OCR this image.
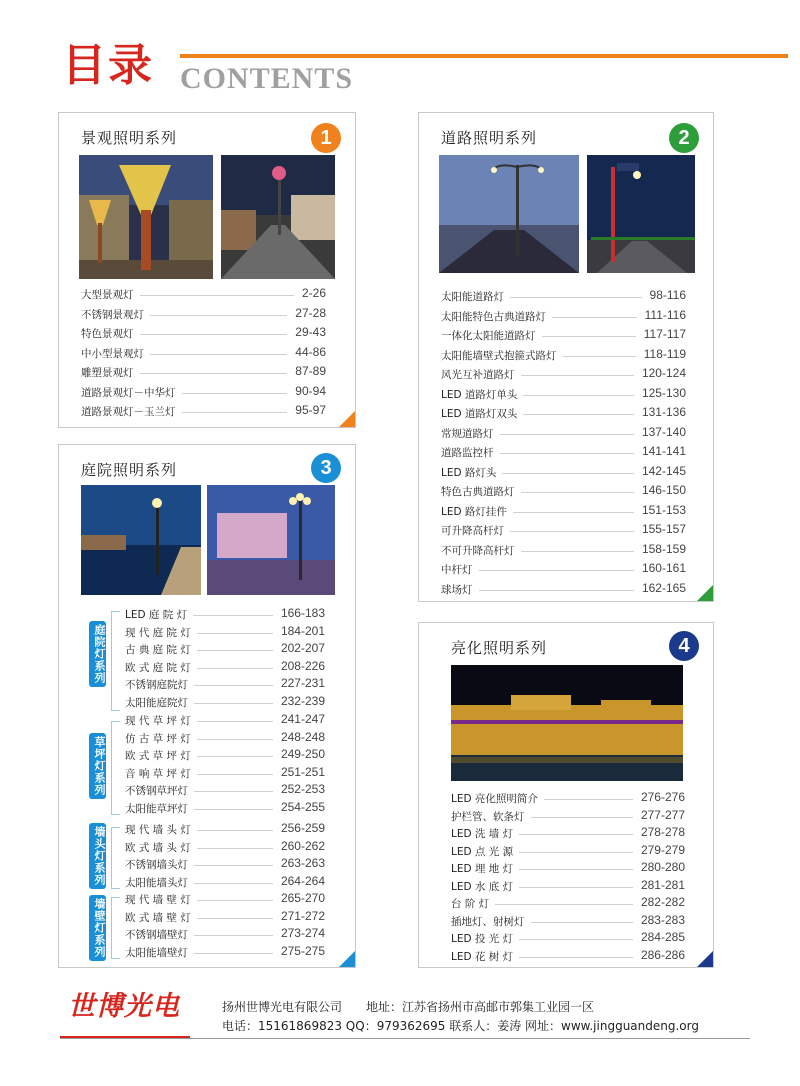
目录 CONTENTS
景观照明系列	1
大型景观灯	2-26
不锈钢景观灯	27-28
特色景观灯	29-43
中小型景观灯	44-86
雕塑景观灯	87-89
道路景观灯－中华灯	90-94
道路景观灯－玉兰灯	95-97
道路照明系列	2
太阳能道路灯	98-116
太阳能特色古典道路灯	111-116
一体化太阳能道路灯	117-117
太阳能墙壁式抱箍式路灯	118-119
风光互补道路灯	120-124
LED 道路灯单头	125-130
LED 道路灯双头	131-136
常规道路灯	137-140
道路监控杆	141-141
LED 路灯头	142-145
特色古典道路灯	146-150
LED 路灯挂件	151-153
可升降高杆灯	155-157
不可升降高杆灯	158-159
中杆灯	160-161
球场灯	162-165
庭院照明系列	3
庭院灯系列
LED 庭 院 灯	166-183
现 代 庭 院 灯	184-201
古 典 庭 院 灯	202-207
欧 式 庭 院 灯	208-226
不锈钢庭院灯	227-231
太阳能庭院灯	232-239
草坪灯系列
现 代 草 坪 灯	241-247
仿 古 草 坪 灯	248-248
欧 式 草 坪 灯	249-250
音 响 草 坪 灯	251-251
不锈钢草坪灯	252-253
太阳能草坪灯	254-255
墙头灯系列 现 代 墙 头 灯	256-259
欧 式 墙 头 灯	260-262
不锈钢墙头灯	263-263
太阳能墙头灯	264-264
墙壁灯系列 现 代 墙 壁 灯	265-270
欧 式 墙 壁 灯	271-272
不锈钢墙壁灯	273-274
太阳能墙壁灯	275-275
亮化照明系列	4
LED 亮化照明简介	276-276
护栏管、软条灯	277-277
LED 洗 墙 灯	278-278
LED 点 光 源	279-279
LED 埋 地 灯	280-280
LED 水 底 灯	281-281
台 阶 灯	282-282
插地灯、射树灯	283-283
LED 投 光 灯	284-285
LED 花 树 灯	286-286
世博光电	扬州世博光电有限公司　　地址：江苏省扬州市高邮市郭集工业园一区
电话：15161869823 QQ：979362695 联系人：姜涛 网址：www.jingguandeng.org
